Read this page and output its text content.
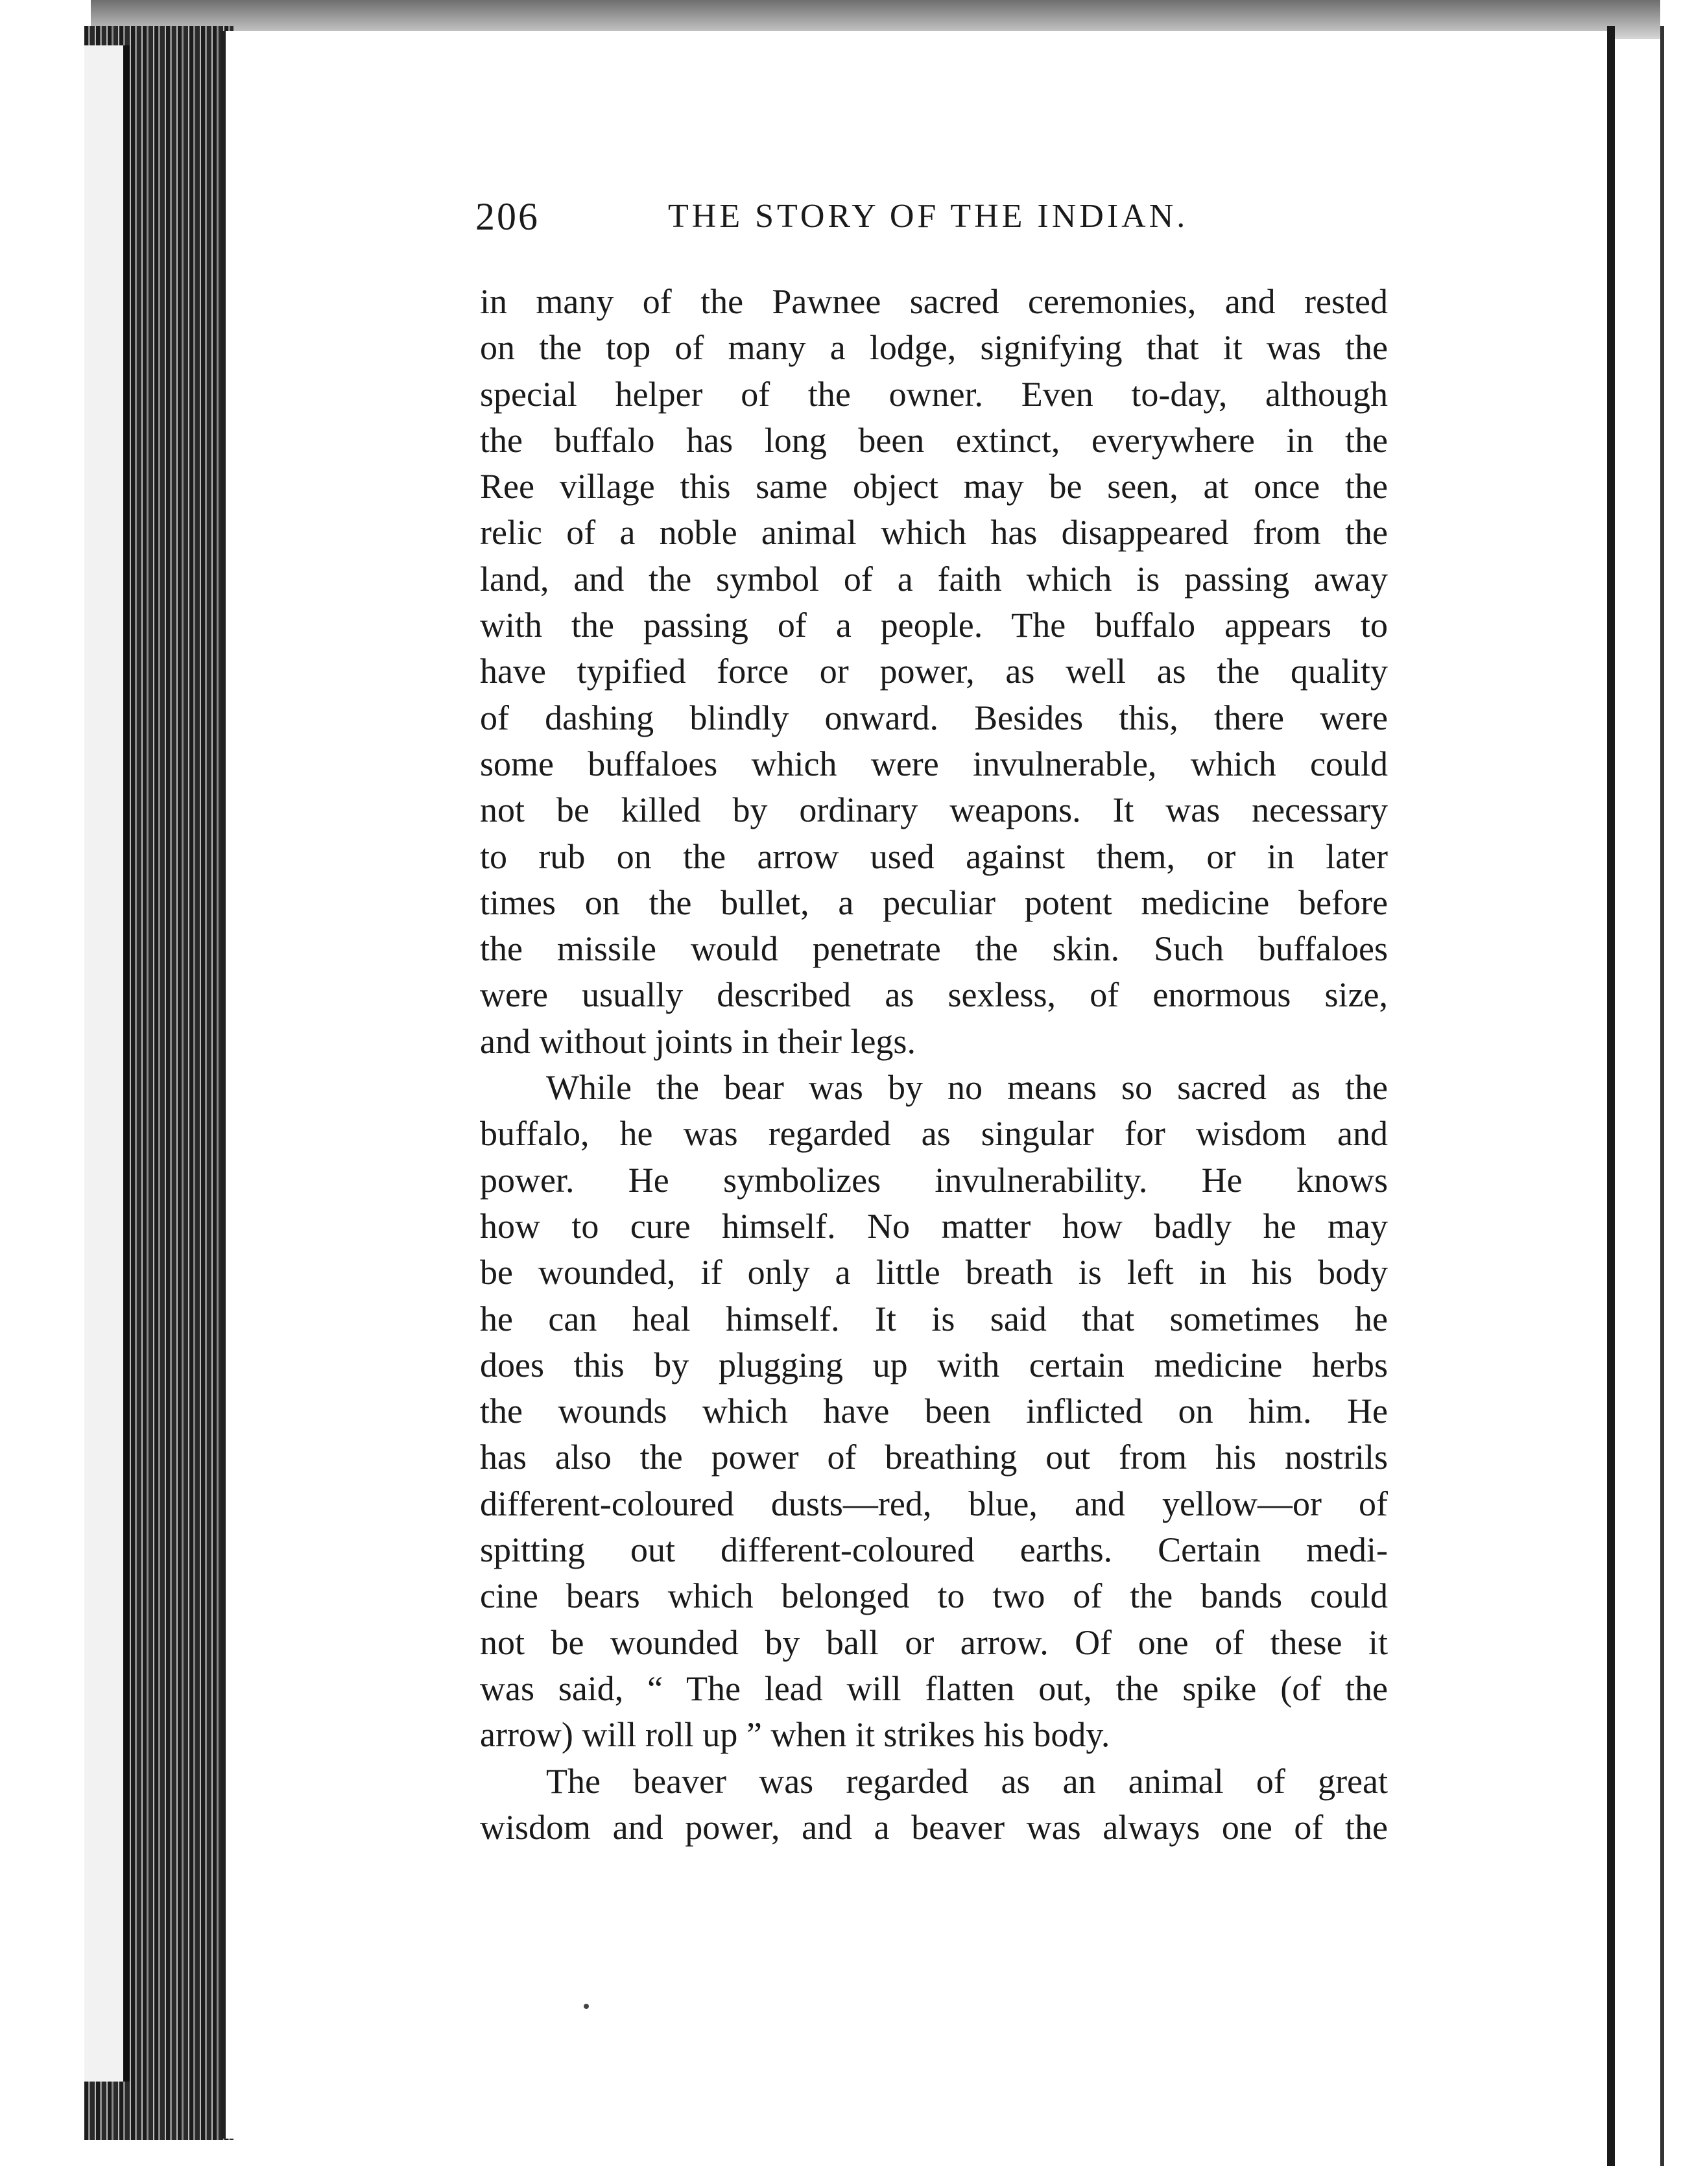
206	THE STORY OF THE INDIAN.
in many of the Pawnee sacred ceremonies, and rested
on the top of many a lodge, signifying that it was the
special helper of the owner. Even to-day, although
the buffalo has long been extinct, everywhere in the
Ree village this same object may be seen, at once the
relic of a noble animal which has disappeared from the
land, and the symbol of a faith which is passing away
with the passing of a people. The buffalo appears to
have typified force or power, as well as the quality
of dashing blindly onward. Besides this, there were
some buffaloes which were invulnerable, which could
not be killed by ordinary weapons. It was necessary
to rub on the arrow used against them, or in later
times on the bullet, a peculiar potent medicine before
the missile would penetrate the skin. Such buffaloes
were usually described as sexless, of enormous size,
and without joints in their legs.
While the bear was by no means so sacred as the
buffalo, he was regarded as singular for wisdom and
power. He symbolizes invulnerability. He knows
how to cure himself. No matter how badly he may
be wounded, if only a little breath is left in his body
he can heal himself. It is said that sometimes he
does this by plugging up with certain medicine herbs
the wounds which have been inflicted on him. He
has also the power of breathing out from his nostrils
different-coloured dusts—red, blue, and yellow—or of
spitting out different-coloured earths. Certain medi-
cine bears which belonged to two of the bands could
not be wounded by ball or arrow. Of one of these it
was said, “ The lead will flatten out, the spike (of the
arrow) will roll up ” when it strikes his body.
The beaver was regarded as an animal of great
wisdom and power, and a beaver was always one of the
